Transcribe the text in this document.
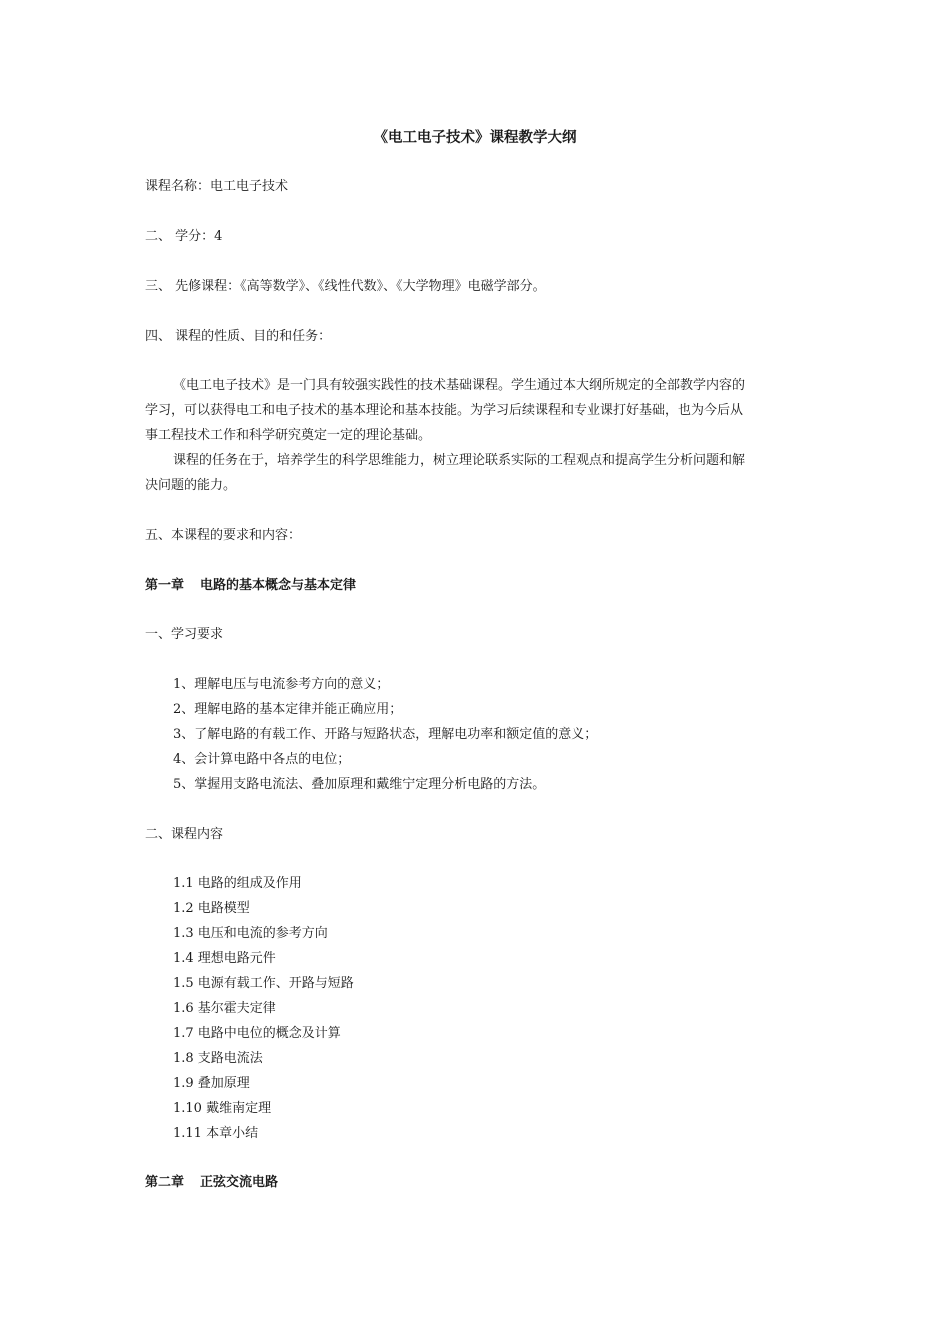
《电工电子技术》课程教学大纲
课程名称：电工电子技术
二、 学分：4
三、 先修课程：《高等数学》、《线性代数》、《大学物理》电磁学部分。
四、 课程的性质、目的和任务：
《电工电子技术》是一门具有较强实践性的技术基础课程。学生通过本大纲所规定的全部教学内容的
学习，可以获得电工和电子技术的基本理论和基本技能。为学习后续课程和专业课打好基础，也为今后从
事工程技术工作和科学研究奠定一定的理论基础。
课程的任务在于，培养学生的科学思维能力，树立理论联系实际的工程观点和提高学生分析问题和解
决问题的能力。
五、本课程的要求和内容：
第一章 电路的基本概念与基本定律
一、学习要求
1、理解电压与电流参考方向的意义；
2、理解电路的基本定律并能正确应用；
3、了解电路的有载工作、开路与短路状态，理解电功率和额定值的意义；
4、会计算电路中各点的电位；
5、掌握用支路电流法、叠加原理和戴维宁定理分析电路的方法。
二、课程内容
1.1 电路的组成及作用
1.2 电路模型
1.3 电压和电流的参考方向
1.4 理想电路元件
1.5 电源有载工作、开路与短路
1.6 基尔霍夫定律
1.7 电路中电位的概念及计算
1.8 支路电流法
1.9 叠加原理
1.10 戴维南定理
1.11 本章小结
第二章 正弦交流电路
